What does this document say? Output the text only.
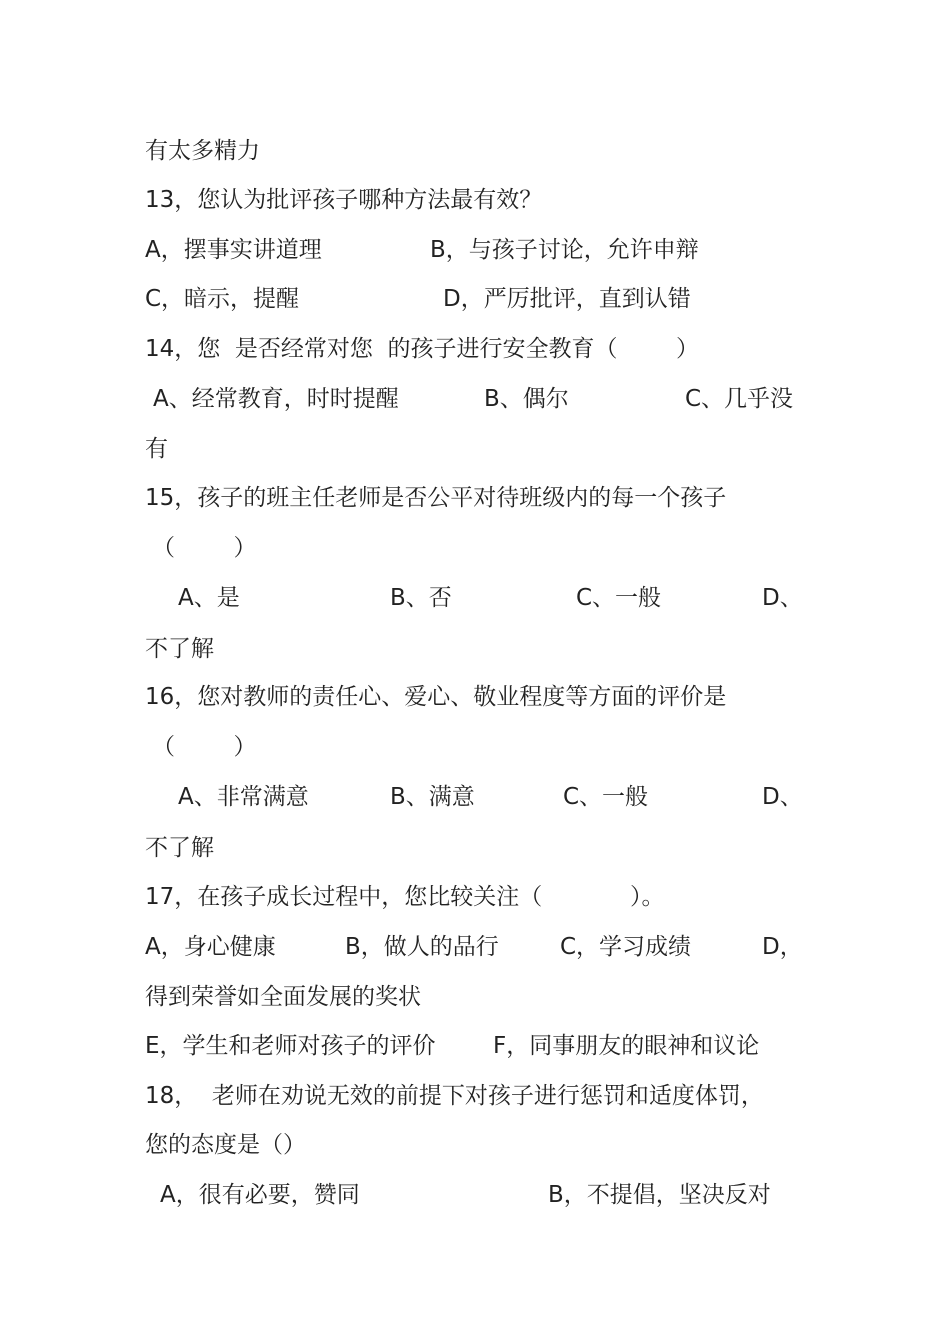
有太多精力

13，您认为批评孩子哪种方法最有效？

A，摆事实讲道理

	B，与孩子讨论，允许申辩

C，暗示，提醒

	D，严厉批评，直到认错

14，您  是否经常对您  的孩子进行安全教育（        ）

A、经常教育，时时提醒

	B、偶尔

	C、几乎没

有

15，孩子的班主任老师是否公平对待班级内的每一个孩子

（        ）

A、是

	B、否

	C、一般

	D、

不了解

16，您对教师的责任心、爱心、敬业程度等方面的评价是

（        ）

A、非常满意

	B、满意

	C、一般

	D、

不了解

17，在孩子成长过程中，您比较关注（            ）。

A，身心健康

	B，做人的品行

	C，学习成绩

	D，

得到荣誉如全面发展的奖状

E，学生和老师对孩子的评价

F，同事朋友的眼神和议论

18，  老师在劝说无效的前提下对孩子进行惩罚和适度体罚，

您的态度是（）

A，很有必要，赞同

	B，不提倡，坚决反对
